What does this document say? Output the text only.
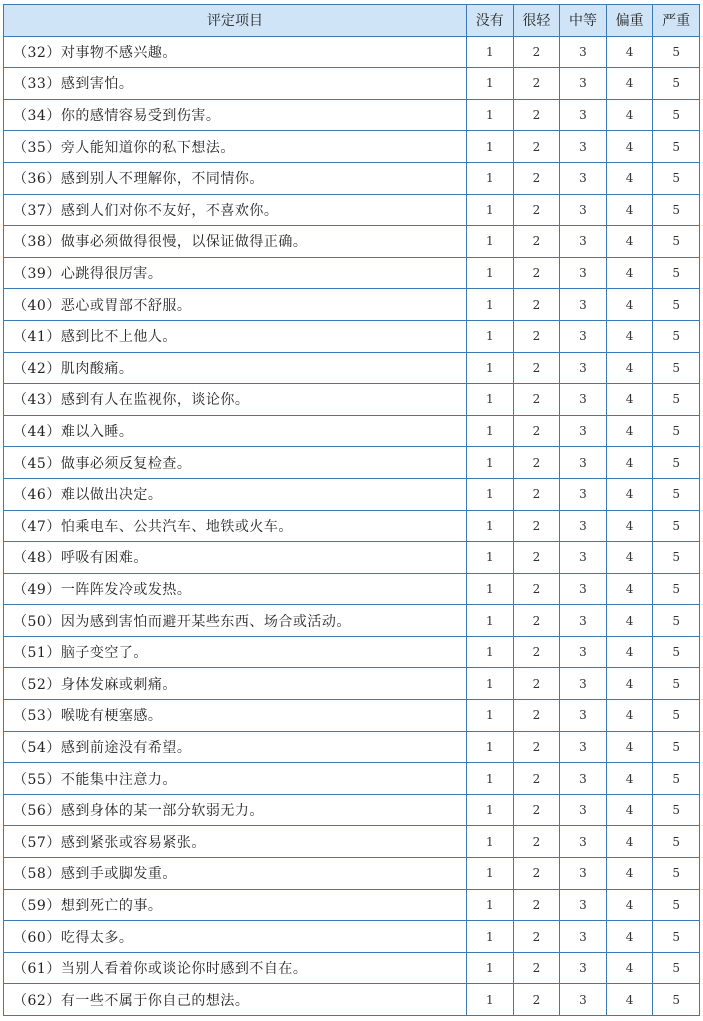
评定项目	没有	很轻	中等	偏重	严重
（32）对事物不感兴趣。	1	2	3	4	5
（33）感到害怕。	1	2	3	4	5
（34）你的感情容易受到伤害。	1	2	3	4	5
（35）旁人能知道你的私下想法。	1	2	3	4	5
（36）感到别人不理解你，不同情你。	1	2	3	4	5
（37）感到人们对你不友好，不喜欢你。	1	2	3	4	5
（38）做事必须做得很慢，以保证做得正确。	1	2	3	4	5
（39）心跳得很厉害。	1	2	3	4	5
（40）恶心或胃部不舒服。	1	2	3	4	5
（41）感到比不上他人。	1	2	3	4	5
（42）肌肉酸痛。	1	2	3	4	5
（43）感到有人在监视你，谈论你。	1	2	3	4	5
（44）难以入睡。	1	2	3	4	5
（45）做事必须反复检查。	1	2	3	4	5
（46）难以做出决定。	1	2	3	4	5
（47）怕乘电车、公共汽车、地铁或火车。	1	2	3	4	5
（48）呼吸有困难。	1	2	3	4	5
（49）一阵阵发冷或发热。	1	2	3	4	5
（50）因为感到害怕而避开某些东西、场合或活动。	1	2	3	4	5
（51）脑子变空了。	1	2	3	4	5
（52）身体发麻或刺痛。	1	2	3	4	5
（53）喉咙有梗塞感。	1	2	3	4	5
（54）感到前途没有希望。	1	2	3	4	5
（55）不能集中注意力。	1	2	3	4	5
（56）感到身体的某一部分软弱无力。	1	2	3	4	5
（57）感到紧张或容易紧张。	1	2	3	4	5
（58）感到手或脚发重。	1	2	3	4	5
（59）想到死亡的事。	1	2	3	4	5
（60）吃得太多。	1	2	3	4	5
（61）当别人看着你或谈论你时感到不自在。	1	2	3	4	5
（62）有一些不属于你自己的想法。	1	2	3	4	5
